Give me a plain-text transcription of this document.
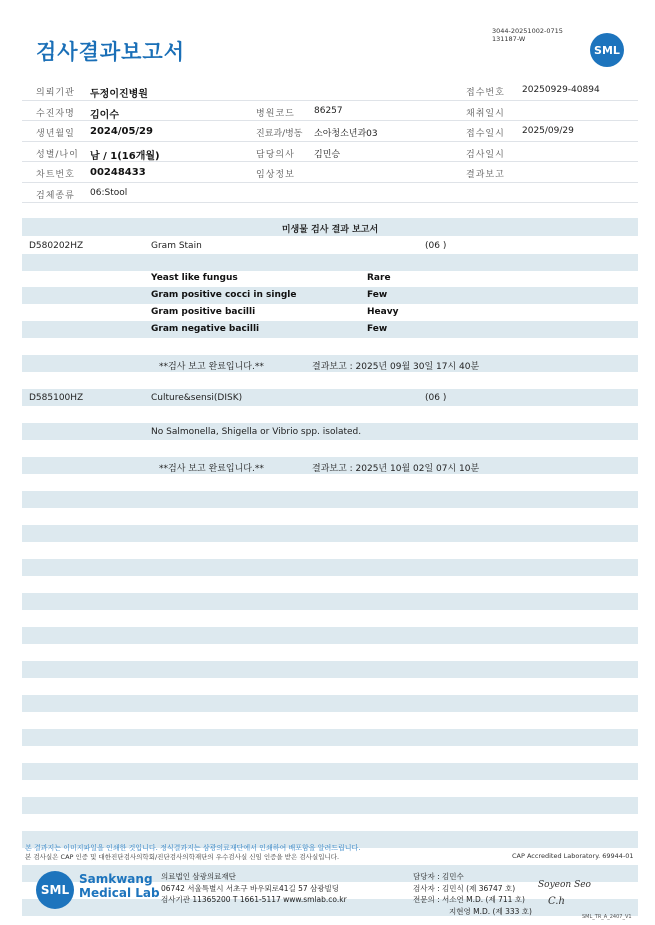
검사결과보고서
3044-20251002-0715
131187-W
SML
의뢰기관 두정이진병원	접수번호 20250929-40894
수진자명 김이수	병원코드 86257	채취일시
생년월일 2024/05/29	진료과/병동 소아청소년과03	접수일시 2025/09/29
성별/나이 남 / 1(16개월)	담당의사 김민승	검사일시
차트번호 00248433	임상정보	결과보고
검체종류 06:Stool
미생물 검사 결과 보고서
D580202HZ	Gram Stain	(06 )
Yeast like fungus	Rare
Gram positive cocci in single	Few
Gram positive bacilli	Heavy
Gram negative bacilli	Few
**검사 보고 완료입니다.**	결과보고 : 2025년 09월 30일 17시 40분
D585100HZ	Culture&sensi(DISK)	(06 )
No Salmonella, Shigella or Vibrio spp. isolated.
**검사 보고 완료입니다.**	결과보고 : 2025년 10월 02일 07시 10분
본 결과지는 이미지파일을 인쇄한 것입니다. 정식결과지는 삼광의료재단에서 인쇄하여 배포함을 알려드립니다.
본 검사실은 CAP 인증 및 대한진단검사의학회/진단검사의학재단의 우수검사실 신임 인증을 받은 검사실입니다.	CAP Accredited Laboratory. 69944-01
SML
Samkwang
Medical Lab
의료법인 삼광의료재단
06742 서울특별시 서초구 바우뫼로41길 57 삼광빌딩
검사기관 11365200 T 1661-5117 www.smlab.co.kr
담당자 : 김민수
검사자 : 김민식 (제 36747 호)
전문의 : 서소연 M.D. (제 711 호)
지현영 M.D. (제 333 호)
Soyeon Seo
C.h
SML_TR_A_2407_V1
